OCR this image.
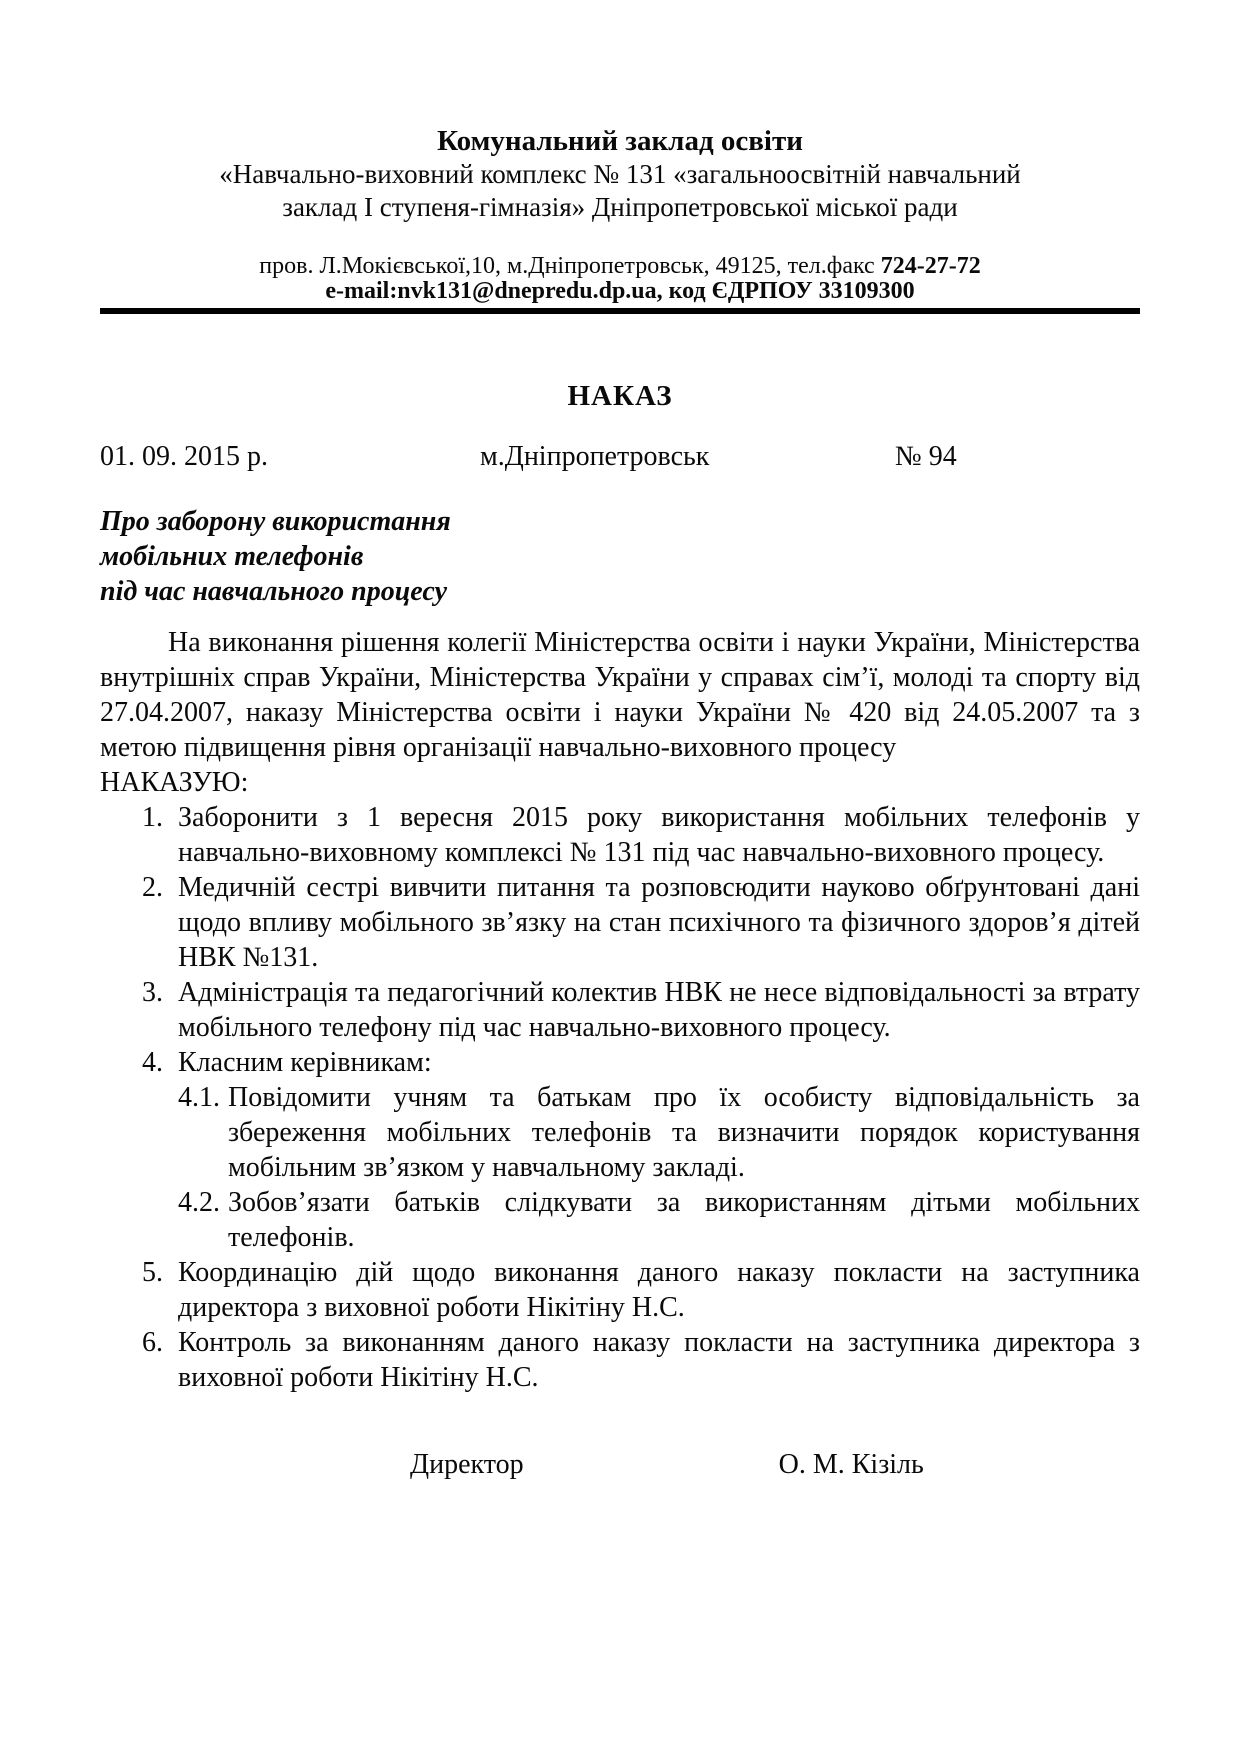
Комунальний заклад освіти
«Навчально-виховний комплекс № 131 «загальноосвітній навчальний
заклад І ступеня-гімназія» Дніпропетровської міської ради
пров. Л.Мокієвської,10, м.Дніпропетровськ, 49125, тел.факс 724-27-72
e-mail:nvk131@dnepredu.dp.ua, код ЄДРПОУ 33109300
НАКАЗ
01. 09. 2015 р.	м.Дніпропетровськ	№ 94
Про заборону використання
мобільних телефонів
під час навчального процесу

На виконання рішення колегії Міністерства освіти і науки України, Міністерства внутрішніх справ України, Міністерства України у справах сім’ї, молоді та спорту від 27.04.2007, наказу Міністерства освіти і науки України № 420 від 24.05.2007 та з метою підвищення рівня організації навчально-виховного процесу

НАКАЗУЮ:

1. Заборонити з 1 вересня 2015 року використання мобільних телефонів у навчально-виховному комплексі № 131 під час навчально-виховного процесу.
2. Медичній сестрі вивчити питання та розповсюдити науково обґрунтовані дані щодо впливу мобільного зв’язку на стан психічного та фізичного здоров’я дітей НВК №131.
3. Адміністрація та педагогічний колектив НВК не несе відповідальності за втрату мобільного телефону під час навчально-виховного процесу.
4. Класним керівникам:
4.1. Повідомити учням та батькам про їх особисту відповідальність за збереження мобільних телефонів та визначити порядок користування мобільним зв’язком у навчальному закладі.
4.2. Зобов’язати батьків слідкувати за використанням дітьми мобільних телефонів.
5. Координацію дій щодо виконання даного наказу покласти на заступника директора з виховної роботи Нікітіну Н.С.
6. Контроль за виконанням даного наказу покласти на заступника директора з виховної роботи Нікітіну Н.С.
Директор	О. М. Кізіль
